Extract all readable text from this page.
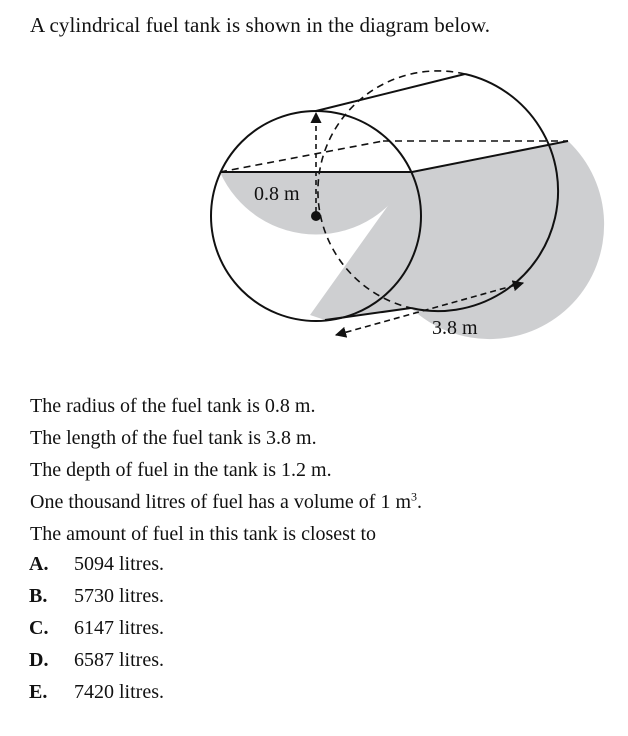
A cylindrical fuel tank is shown in the diagram below.
0.8 m
3.8 m
The radius of the fuel tank is 0.8 m.
The length of the fuel tank is 3.8 m.
The depth of fuel in the tank is 1.2 m.
One thousand litres of fuel has a volume of 1 $m^3$.
The amount of fuel in this tank is closest to
A.	5094 litres.
B.	5730 litres.
C.	6147 litres.
D.	6587 litres.
E.	7420 litres.
